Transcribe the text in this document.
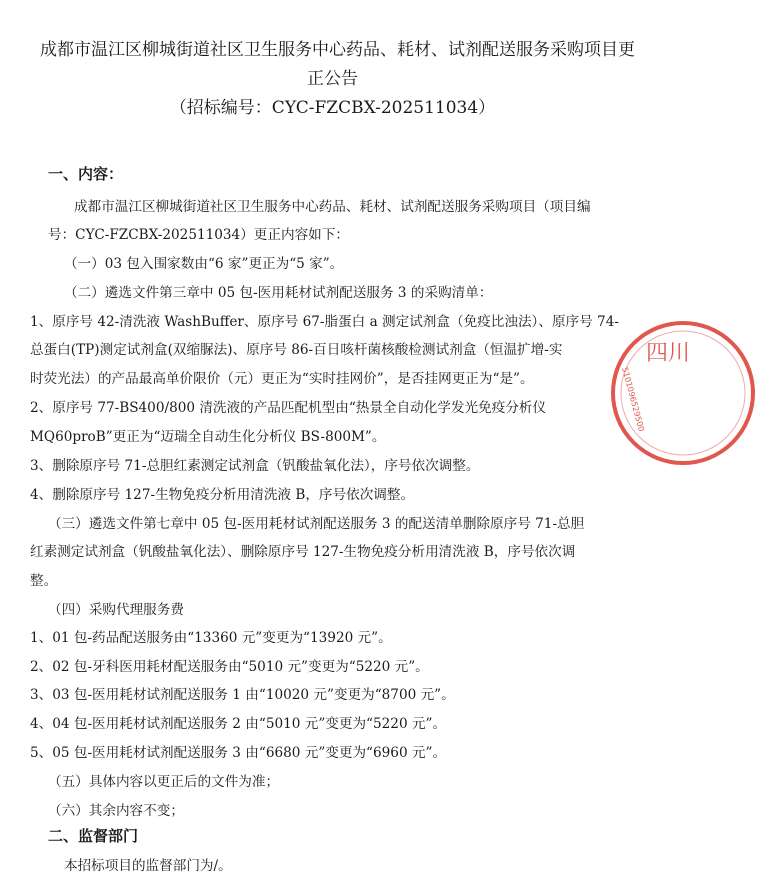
成都市温江区柳城街道社区卫生服务中心药品、耗材、试剂配送服务采购项目更
正公告
（招标编号：CYC-FZCBX-202511034）
一、内容：
成都市温江区柳城街道社区卫生服务中心药品、耗材、试剂配送服务采购项目（项目编
号：CYC-FZCBX-202511034）更正内容如下：
（一）03 包入围家数由“6 家”更正为“5 家”。
（二）遴选文件第三章中 05 包-医用耗材试剂配送服务 3 的采购清单：
1、原序号 42-清洗液 WashBuffer、原序号 67-脂蛋白 a 测定试剂盒（免疫比浊法）、原序号 74-
总蛋白(TP)测定试剂盒(双缩脲法)、原序号 86-百日咳杆菌核酸检测试剂盒（恒温扩增-实
时荧光法）的产品最高单价限价（元）更正为“实时挂网价”，是否挂网更正为“是”。
2、原序号 77-BS400/800 清洗液的产品匹配机型由“热景全自动化学发光免疫分析仪
MQ60proB”更正为“迈瑞全自动生化分析仪 BS-800M”。
3、删除原序号 71-总胆红素测定试剂盒（钒酸盐氧化法），序号依次调整。
4、删除原序号 127-生物免疫分析用清洗液 B，序号依次调整。
（三）遴选文件第七章中 05 包-医用耗材试剂配送服务 3 的配送清单删除原序号 71-总胆
红素测定试剂盒（钒酸盐氧化法）、删除原序号 127-生物免疫分析用清洗液 B，序号依次调
整。
（四）采购代理服务费
1、01 包-药品配送服务由“13360 元”变更为“13920 元”。
2、02 包-牙科医用耗材配送服务由“5010 元”变更为“5220 元”。
3、03 包-医用耗材试剂配送服务 1 由“10020 元”变更为“8700 元”。
4、04 包-医用耗材试剂配送服务 2 由“5010 元”变更为“5220 元”。
5、05 包-医用耗材试剂配送服务 3 由“6680 元”变更为“6960 元”。
（五）具体内容以更正后的文件为准；
（六）其余内容不变；
二、监督部门
本招标项目的监督部门为/。
四川
5101096529500
